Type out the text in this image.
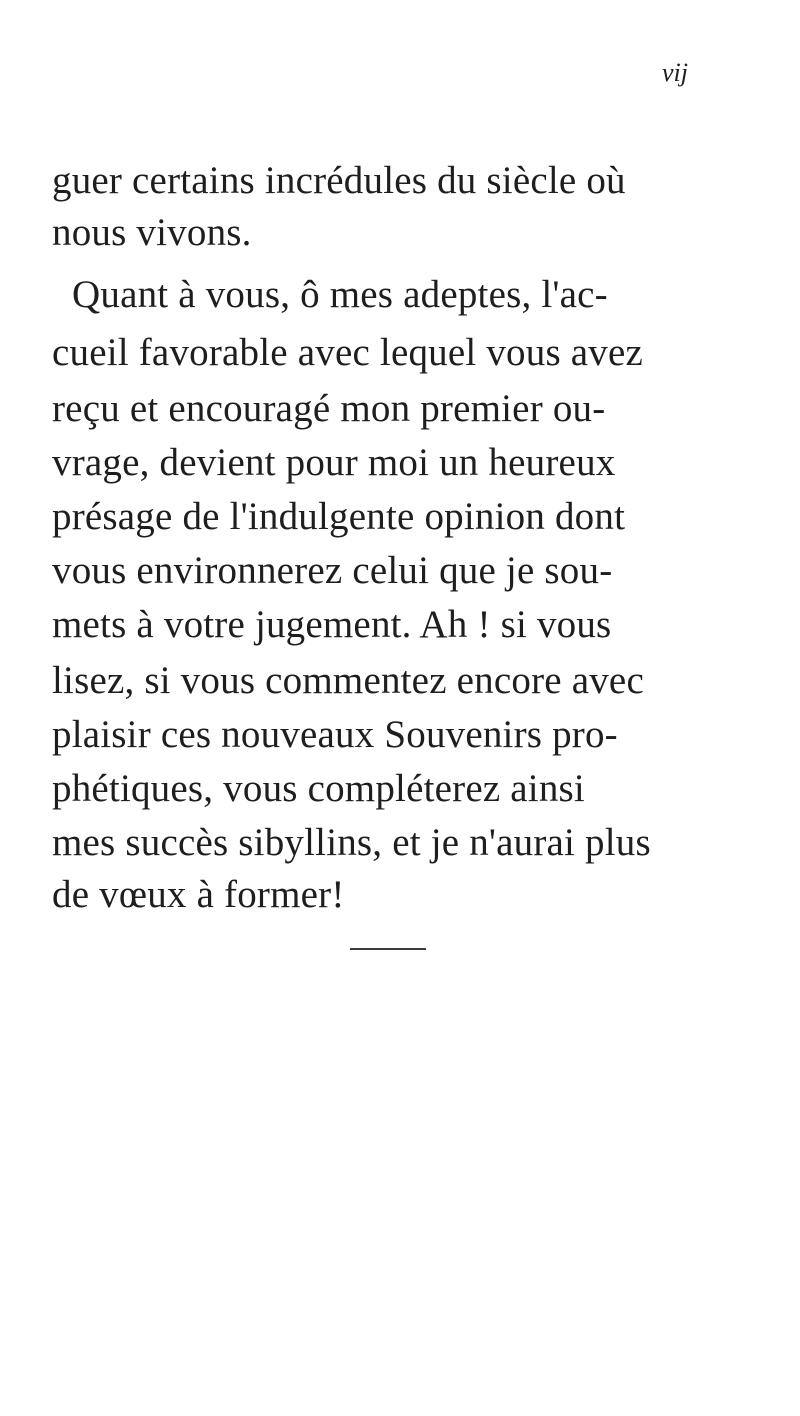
vij
guer certains incrédules du siècle où
nous vivons.
Quant à vous, ô mes adeptes, l'ac-
cueil favorable avec lequel vous avez
reçu et encouragé mon premier ou-
vrage, devient pour moi un heureux
présage de l'indulgente opinion dont
vous environnerez celui que je sou-
mets à votre jugement. Ah ! si vous
lisez, si vous commentez encore avec
plaisir ces nouveaux Souvenirs pro-
phétiques, vous compléterez ainsi
mes succès sibyllins, et je n'aurai plus
de vœux à former!
